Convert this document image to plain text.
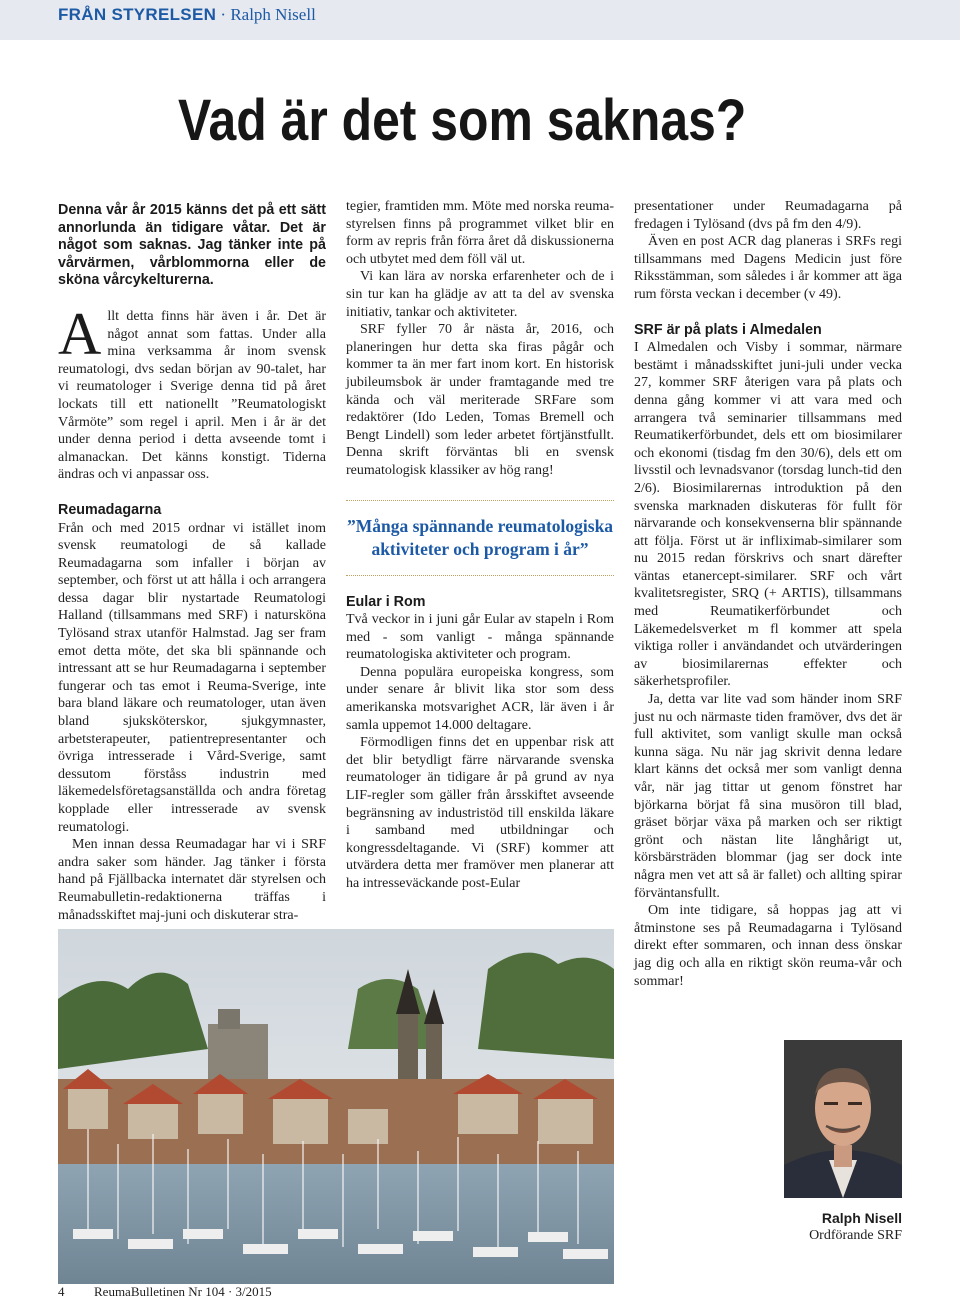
FRÅN STYRELSEN · Ralph Nisell
Vad är det som saknas?
Denna vår år 2015 känns det på ett sätt annorlunda än tidigare våtar. Det är något som saknas. Jag tänker inte på vårvärmen, vårblommorna eller de sköna vårcykelturerna.

Allt detta finns här även i år. Det är något annat som fattas. Under alla mina verksamma år inom svensk reumatologi, dvs sedan början av 90-talet, har vi reumatologer i Sverige denna tid på året lockats till ett nationellt ”Reumatologiskt Vårmöte” som regel i april. Men i år är det under denna period i detta avseende tomt i almanackan. Det känns konstigt. Tiderna ändras och vi anpassar oss.

Reumadagarna

Från och med 2015 ordnar vi istället inom svensk reumatologi de så kallade Reumadagarna som infaller i början av september, och först ut att hålla i och arrangera dessa dagar blir nystartade Reumatologi Halland (tillsammans med SRF) i natursköna Tylösand strax utanför Halmstad. Jag ser fram emot detta möte, det ska bli spännande och intressant att se hur Reumadagarna i september fungerar och tas emot i Reuma-Sverige, inte bara bland läkare och reumatologer, utan även bland sjuksköterskor, sjukgymnaster, arbetsterapeuter, patientrepresentanter och övriga intresserade i Vård-Sverige, samt dessutom förståss industrin med läkemedelsföretagsanställda och andra företag kopplade eller intresserade av svensk reumatologi.

Men innan dessa Reumadagar har vi i SRF andra saker som händer. Jag tänker i första hand på Fjällbacka internatet där styrelsen och Reumabulletin-redaktionerna träffas i månadsskiftet maj-juni och diskuterar stra-

tegier, framtiden mm. Möte med norska reuma-styrelsen finns på programmet vilket blir en form av repris från förra året då diskussionerna och utbytet med dem föll väl ut.

Vi kan lära av norska erfarenheter och de i sin tur kan ha glädje av att ta del av svenska initiativ, tankar och aktiviteter.

SRF fyller 70 år nästa år, 2016, och planeringen hur detta ska firas pågår och kommer ta än mer fart inom kort. En historisk jubileumsbok är under framtagande med tre kända och väl meriterade SRFare som redaktörer (Ido Leden, Tomas Bremell och Bengt Lindell) som leder arbetet förtjänstfullt. Denna skrift förväntas bli en svensk reumatologisk klassiker av hög rang!

”Många spännande reumatologiska aktiviteter och program i år”
Eular i Rom

Två veckor in i juni går Eular av stapeln i Rom med - som vanligt - många spännande reumatologiska aktiviteter och program.

Denna populära europeiska kongress, som under senare år blivit lika stor som dess amerikanska motsvarighet ACR, lär även i år samla uppemot 14.000 deltagare.

Förmodligen finns det en uppenbar risk att det blir betydligt färre närvarande svenska reumatologer än tidigare år på grund av nya LIF-regler som gäller från årsskiftet avseende begränsning av industristöd till enskilda läkare i samband med utbildningar och kongressdeltagande. Vi (SRF) kommer att utvärdera detta mer framöver men planerar att ha intresseväckande post-Eular

presentationer under Reumadagarna på fredagen i Tylösand (dvs på fm den 4/9).

Även en post ACR dag planeras i SRFs regi tillsammans med Dagens Medicin just före Riksstämman, som således i år kommer att äga rum första veckan i december (v 49).

SRF är på plats i Almedalen

I Almedalen och Visby i sommar, närmare bestämt i månadsskiftet juni-juli under vecka 27, kommer SRF återigen vara på plats och denna gång kommer vi att vara med och arrangera två seminarier tillsammans med Reumatikerförbundet, dels ett om biosimilarer och ekonomi (tisdag fm den 30/6), dels ett om livsstil och levnadsvanor (torsdag lunch-tid den 2/6). Biosimilarernas introduktion på den svenska marknaden diskuteras för fullt för närvarande och konsekvenserna blir spännande att följa. Först ut är infliximab-similarer som nu 2015 redan förskrivs och snart därefter väntas etanercept-similarer. SRF och vårt kvalitetsregister, SRQ (+ ARTIS), tillsammans med Reumatikerförbundet och Läkemedelsverket m fl kommer att spela viktiga roller i användandet och utvärderingen av biosimilarernas effekter och säkerhetsprofiler.

Ja, detta var lite vad som händer inom SRF just nu och närmaste tiden framöver, dvs det är full aktivitet, som vanligt skulle man också kunna säga. Nu när jag skrivit denna ledare klart känns det också mer som vanligt denna vår, när jag tittar ut genom fönstret har björkarna börjat få sina musöron till blad, gräset börjar växa på marken och ser riktigt grönt och nästan lite långhårigt ut, körsbärsträden blommar (jag ser dock inte några men vet att så är fallet) och allting spirar förväntansfullt.

Om inte tidigare, så hoppas jag att vi åtminstone ses på Reumadagarna i Tylösand direkt efter sommaren, och innan dess önskar jag dig och alla en riktigt skön reuma-vår och sommar!

Ralph Nisell
Ordförande SRF
4 ReumaBulletinen Nr 104 · 3/2015
